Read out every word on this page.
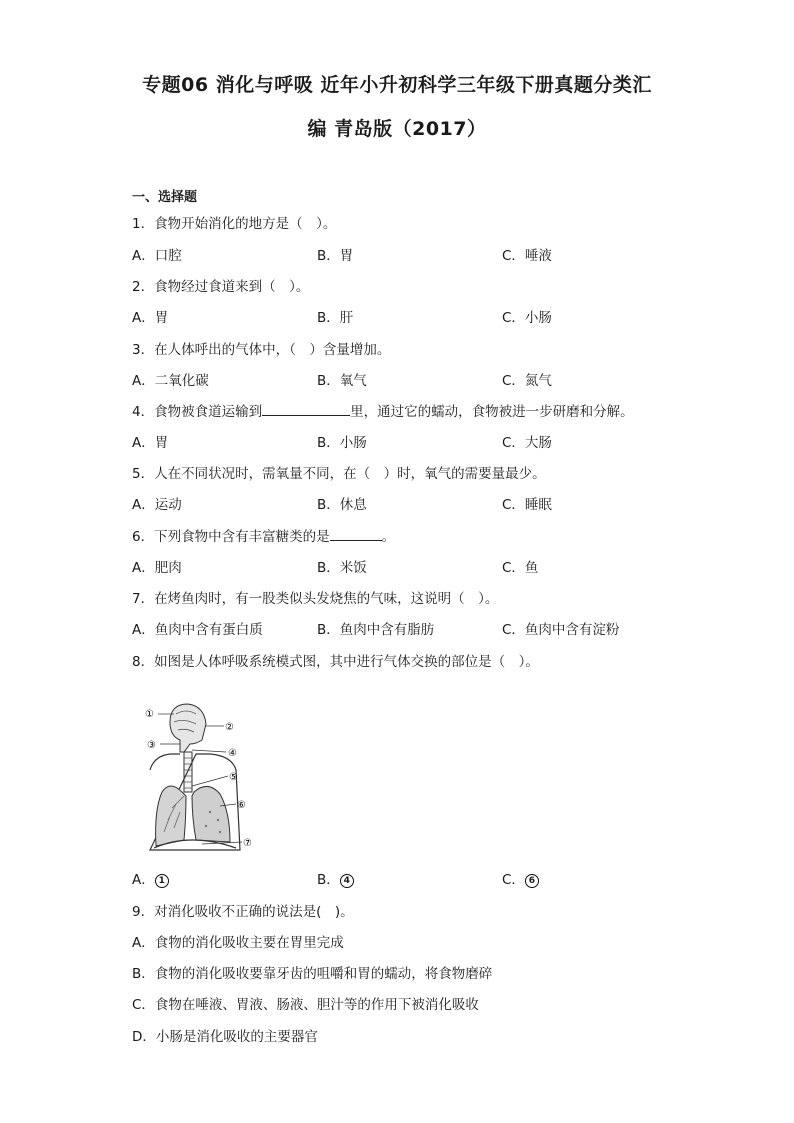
专题06 消化与呼吸 近年小升初科学三年级下册真题分类汇
编 青岛版（2017）
一、选择题
1．食物开始消化的地方是（　）。
A．口腔	B．胃	C．唾液
2．食物经过食道来到（　）。
A．胃	B．肝	C．小肠
3．在人体呼出的气体中，（　）含量增加。
A．二氧化碳	B．氧气	C．氮气
4．食物被食道运输到	里，通过它的蠕动，食物被进一步研磨和分解。
A．胃	B．小肠	C．大肠
5．人在不同状况时，需氧量不同，在（　）时，氧气的需要量最少。
A．运动	B．休息	C．睡眠
6．下列食物中含有丰富糖类的是	。
A．肥肉	B．米饭	C．鱼
7．在烤鱼肉时，有一股类似头发烧焦的气味，这说明（　）。
A．鱼肉中含有蛋白质	B．鱼肉中含有脂肪	C．鱼肉中含有淀粉
8．如图是人体呼吸系统模式图，其中进行气体交换的部位是（　）。
①
②
③
④
⑤
⑥
⑦
A． 1	B． 4	C． 6
9．对消化吸收不正确的说法是(　)。
A．食物的消化吸收主要在胃里完成
B．食物的消化吸收要靠牙齿的咀嚼和胃的蠕动，将食物磨碎
C．食物在唾液、胃液、肠液、胆汁等的作用下被消化吸收
D．小肠是消化吸收的主要器官
